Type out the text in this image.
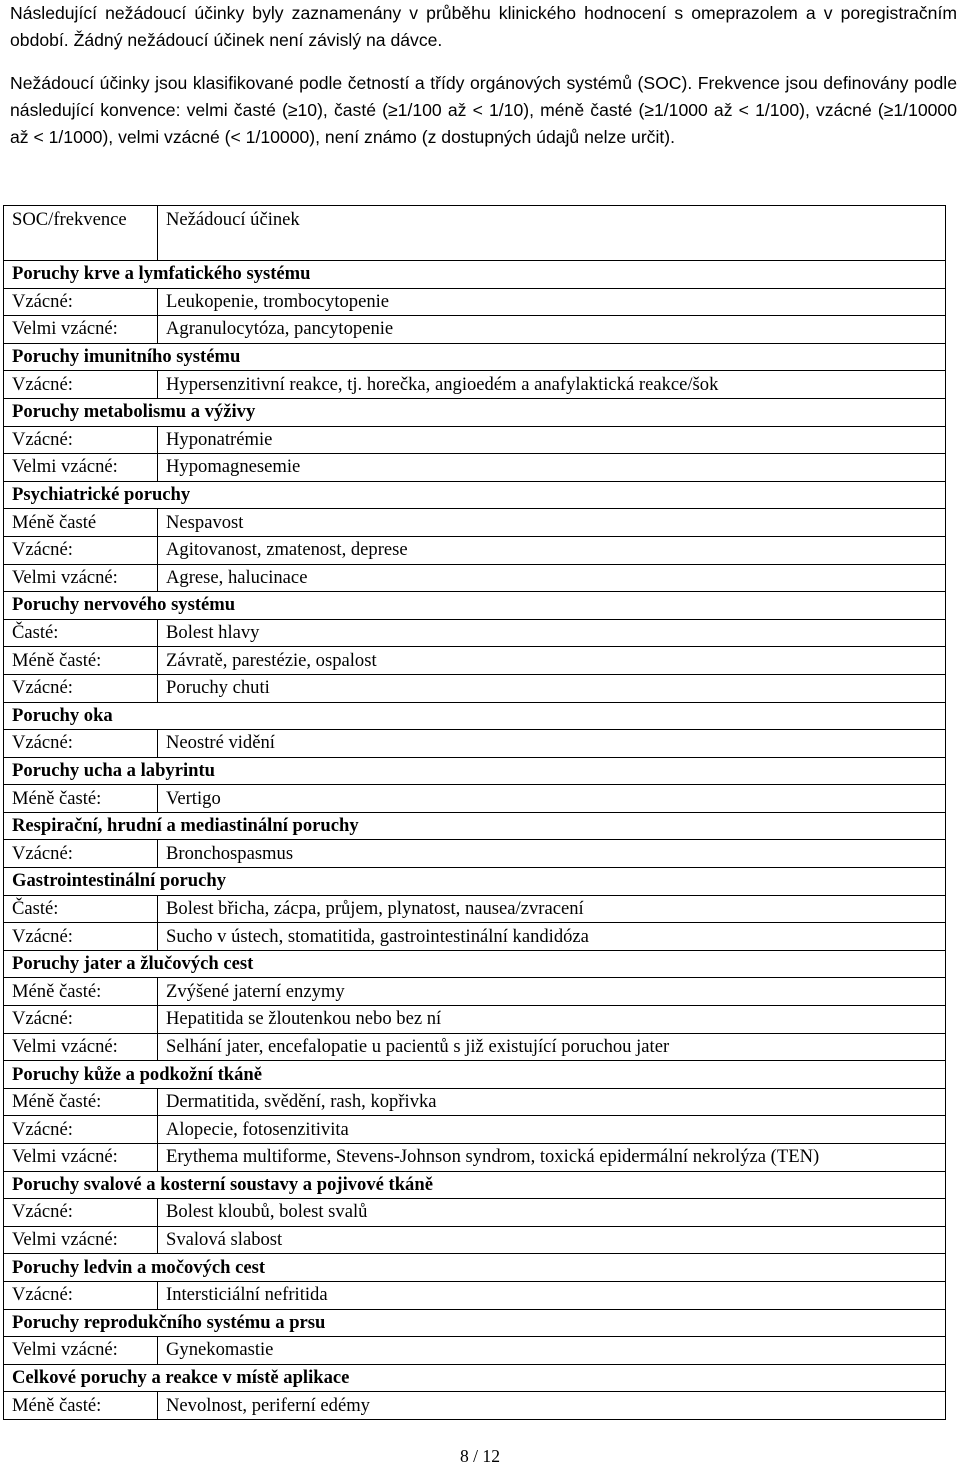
Následující nežádoucí účinky byly zaznamenány v průběhu klinického hodnocení s omeprazolem a v poregistračním období. Žádný nežádoucí účinek není závislý na dávce.

Nežádoucí účinky jsou klasifikované podle četností a třídy orgánových systémů (SOC). Frekvence jsou definovány podle následující konvence: velmi časté (≥10), časté (≥1/100 až < 1/10), méně časté (≥1/1000 až < 1/100), vzácné (≥1/10000 až < 1/1000), velmi vzácné (< 1/10000), není známo (z dostupných údajů nelze určit).

SOC/frekvence	Nežádoucí účinek
Poruchy krve a lymfatického systému	
Vzácné:	Leukopenie, trombocytopenie
Velmi vzácné:	Agranulocytóza, pancytopenie
Poruchy imunitního systému	
Vzácné:	Hypersenzitivní reakce, tj. horečka, angioedém a anafylaktická reakce/šok
Poruchy metabolismu a výživy	
Vzácné:	Hyponatrémie
Velmi vzácné:	Hypomagnesemie
Psychiatrické poruchy	
Méně časté	Nespavost
Vzácné:	Agitovanost, zmatenost, deprese
Velmi vzácné:	Agrese, halucinace
Poruchy nervového systému	
Časté:	Bolest hlavy
Méně časté:	Závratě, parestézie, ospalost
Vzácné:	Poruchy chuti
Poruchy oka	
Vzácné:	Neostré vidění
Poruchy ucha a labyrintu	
Méně časté:	Vertigo
Respirační, hrudní a mediastinální poruchy	
Vzácné:	Bronchospasmus
Gastrointestinální poruchy	
Časté:	Bolest břicha, zácpa, průjem, plynatost, nausea/zvracení
Vzácné:	Sucho v ústech, stomatitida, gastrointestinální kandidóza
Poruchy jater a žlučových cest	
Méně časté:	Zvýšené jaterní enzymy
Vzácné:	Hepatitida se žloutenkou nebo bez ní
Velmi vzácné:	Selhání jater, encefalopatie u pacientů s již existující poruchou jater
Poruchy kůže a podkožní tkáně	
Méně časté:	Dermatitida, svědění, rash, kopřivka
Vzácné:	Alopecie, fotosenzitivita
Velmi vzácné:	Erythema multiforme, Stevens-Johnson syndrom, toxická epidermální nekrolýza (TEN)
Poruchy svalové a kosterní soustavy a pojivové tkáně	
Vzácné:	Bolest kloubů, bolest svalů
Velmi vzácné:	Svalová slabost
Poruchy ledvin a močových cest	
Vzácné:	Intersticiální nefritida
Poruchy reprodukčního systému a prsu	
Velmi vzácné:	Gynekomastie
Celkové poruchy a reakce v místě aplikace	
Méně časté:	Nevolnost, periferní edémy
8 / 12
